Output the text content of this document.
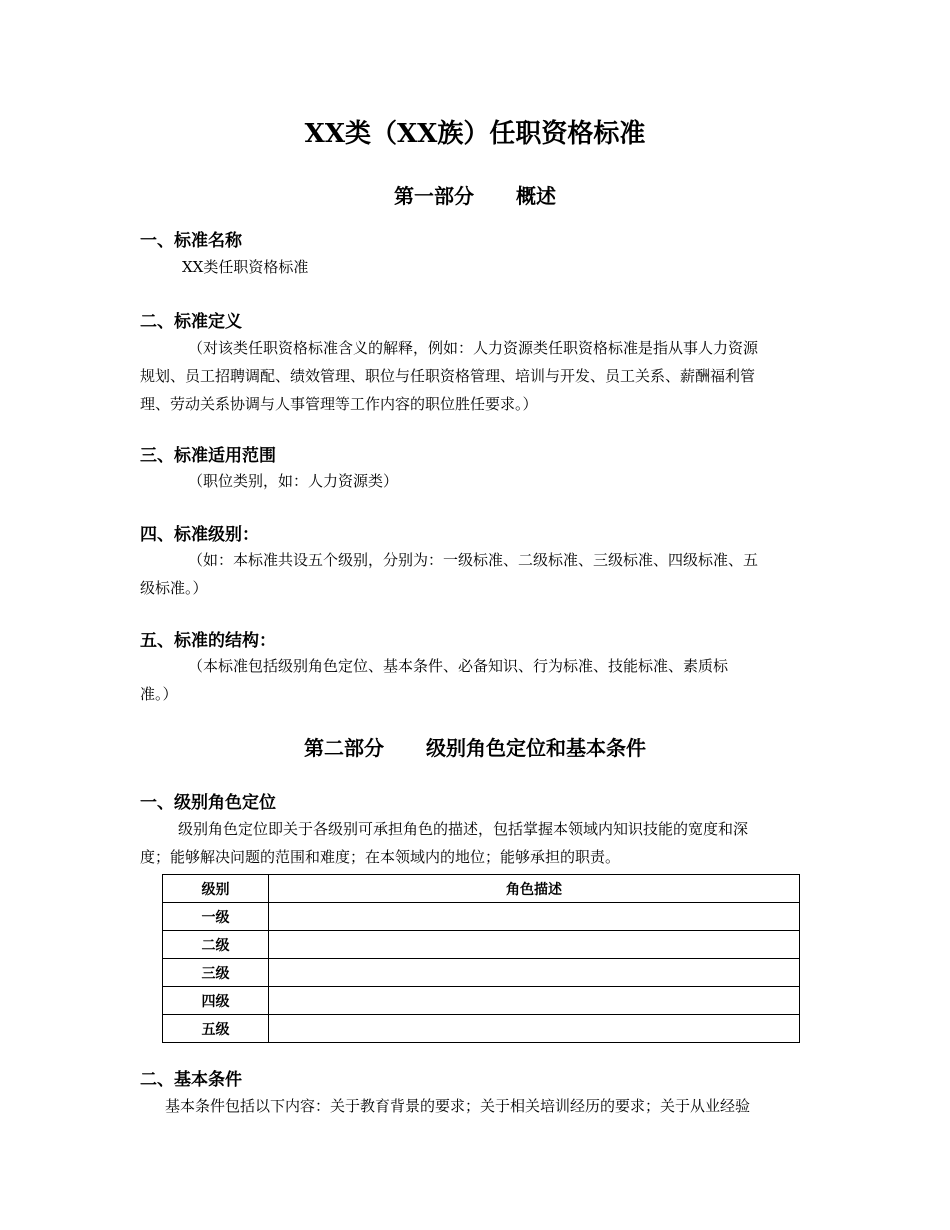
XX类（XX族）任职资格标准
第一部分 概述
一、标准名称
XX类任职资格标准
二、标准定义
（对该类任职资格标准含义的解释，例如：人力资源类任职资格标准是指从事人力资源
规划、员工招聘调配、绩效管理、职位与任职资格管理、培训与开发、员工关系、薪酬福利管
理、劳动关系协调与人事管理等工作内容的职位胜任要求。）
三、标准适用范围
（职位类别，如：人力资源类）
四、标准级别：
（如：本标准共设五个级别，分别为：一级标准、二级标准、三级标准、四级标准、五
级标准。）
五、标准的结构：
（本标准包括级别角色定位、基本条件、必备知识、行为标准、技能标准、素质标
准。）
第二部分 级别角色定位和基本条件
一、级别角色定位
级别角色定位即关于各级别可承担角色的描述，包括掌握本领域内知识技能的宽度和深
度；能够解决问题的范围和难度；在本领域内的地位；能够承担的职责。
级别	角色描述
一级	
二级	
三级	
四级	
五级	
二、基本条件
基本条件包括以下内容：关于教育背景的要求；关于相关培训经历的要求；关于从业经验
